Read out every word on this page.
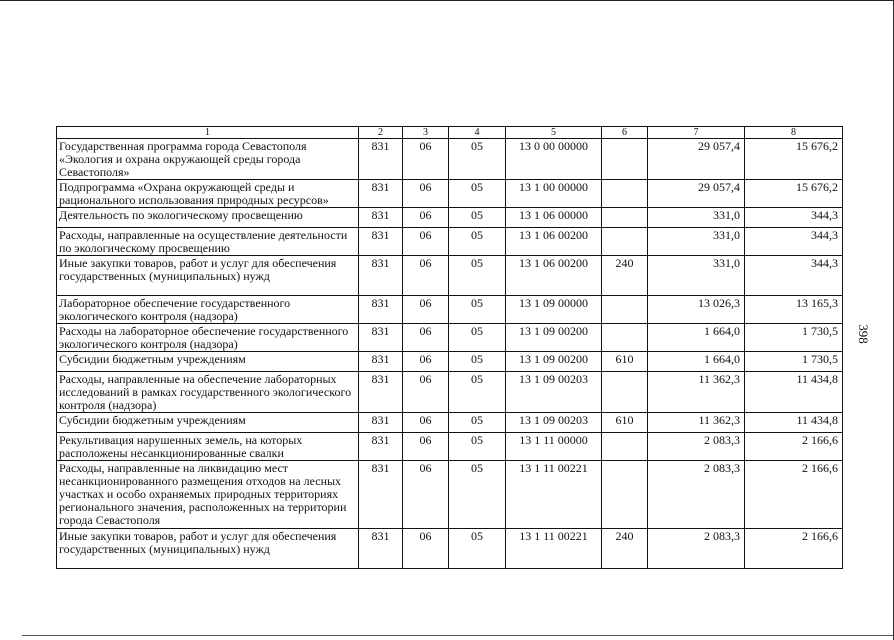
398
1	2	3	4	5	6	7	8
Государственная программа города Севастополя «Экология и охрана окружающей среды города Севастополя»	831	06	05	13 0 00 00000		29 057,4	15 676,2
Подпрограмма «Охрана окружающей среды и рационального использования природных ресурсов»	831	06	05	13 1 00 00000		29 057,4	15 676,2
Деятельность по экологическому просвещению	831	06	05	13 1 06 00000		331,0	344,3
Расходы, направленные на осуществление деятельности по экологическому просвещению	831	06	05	13 1 06 00200		331,0	344,3
Иные закупки товаров, работ и услуг для обеспечения государственных (муниципальных) нужд	831	06	05	13 1 06 00200	240	331,0	344,3
Лабораторное обеспечение государственного экологического контроля (надзора)	831	06	05	13 1 09 00000		13 026,3	13 165,3
Расходы на лабораторное обеспечение государственного экологического контроля (надзора)	831	06	05	13 1 09 00200		1 664,0	1 730,5
Субсидии бюджетным учреждениям	831	06	05	13 1 09 00200	610	1 664,0	1 730,5
Расходы, направленные на обеспечение лабораторных исследований в рамках государственного экологического контроля (надзора)	831	06	05	13 1 09 00203		11 362,3	11 434,8
Субсидии бюджетным учреждениям	831	06	05	13 1 09 00203	610	11 362,3	11 434,8
Рекультивация нарушенных земель, на которых расположены несанкционированные свалки	831	06	05	13 1 11 00000		2 083,3	2 166,6
Расходы, направленные на ликвидацию мест несанкционированного размещения отходов на лесных участках и особо охраняемых природных территориях регионального значения, расположенных на территории города Севастополя	831	06	05	13 1 11 00221		2 083,3	2 166,6
Иные закупки товаров, работ и услуг для обеспечения государственных (муниципальных) нужд	831	06	05	13 1 11 00221	240	2 083,3	2 166,6
